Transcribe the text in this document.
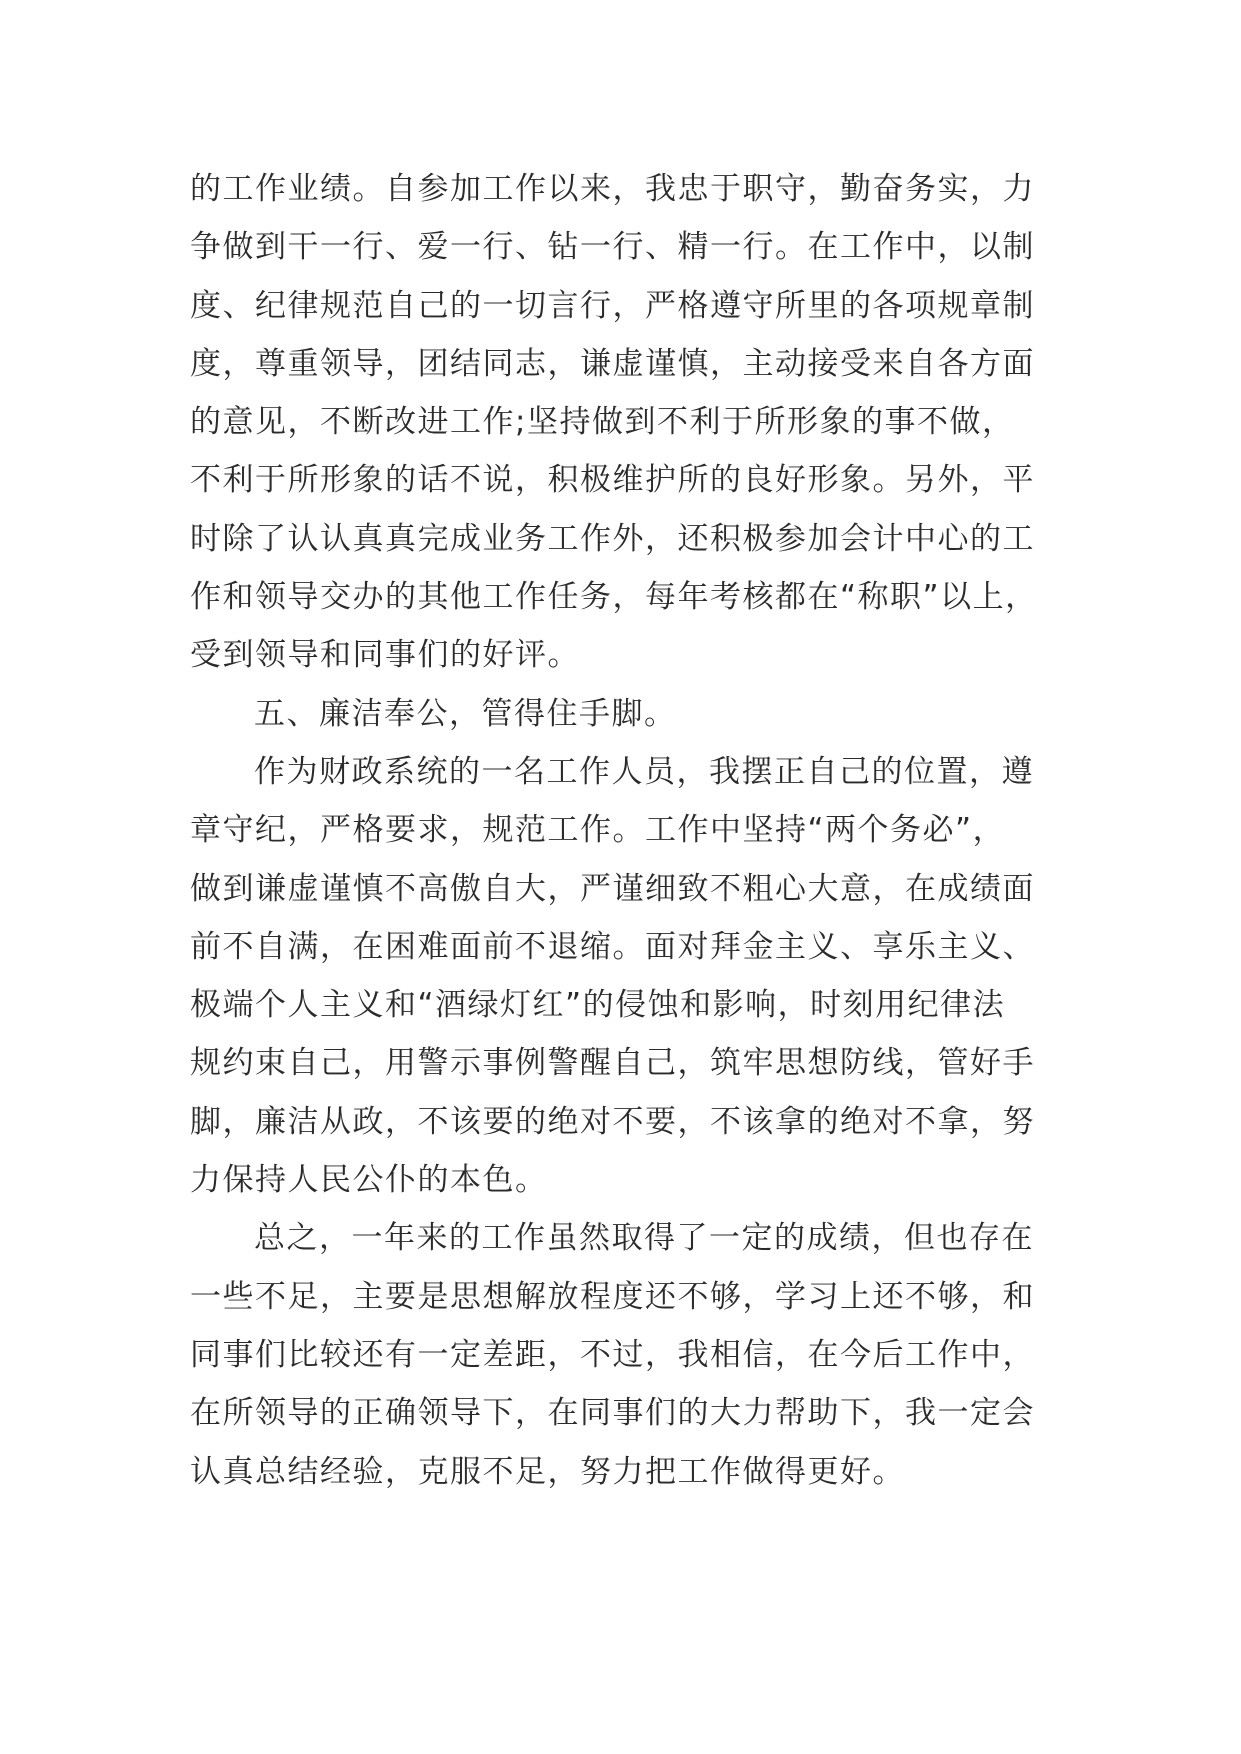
的工作业绩。自参加工作以来，我忠于职守，勤奋务实，力
争做到干一行、爱一行、钻一行、精一行。在工作中，以制
度、纪律规范自己的一切言行，严格遵守所里的各项规章制
度，尊重领导，团结同志，谦虚谨慎，主动接受来自各方面
的意见，不断改进工作;坚持做到不利于所形象的事不做，
不利于所形象的话不说，积极维护所的良好形象。另外，平
时除了认认真真完成业务工作外，还积极参加会计中心的工
作和领导交办的其他工作任务，每年考核都在“称职”以上，
受到领导和同事们的好评。
五、廉洁奉公，管得住手脚。
作为财政系统的一名工作人员，我摆正自己的位置，遵
章守纪，严格要求，规范工作。工作中坚持“两个务必”，
做到谦虚谨慎不高傲自大，严谨细致不粗心大意，在成绩面
前不自满，在困难面前不退缩。面对拜金主义、享乐主义、
极端个人主义和“酒绿灯红”的侵蚀和影响，时刻用纪律法
规约束自己，用警示事例警醒自己，筑牢思想防线，管好手
脚，廉洁从政，不该要的绝对不要，不该拿的绝对不拿，努
力保持人民公仆的本色。
总之，一年来的工作虽然取得了一定的成绩，但也存在
一些不足，主要是思想解放程度还不够，学习上还不够，和
同事们比较还有一定差距，不过，我相信，在今后工作中，
在所领导的正确领导下，在同事们的大力帮助下，我一定会
认真总结经验，克服不足，努力把工作做得更好。
